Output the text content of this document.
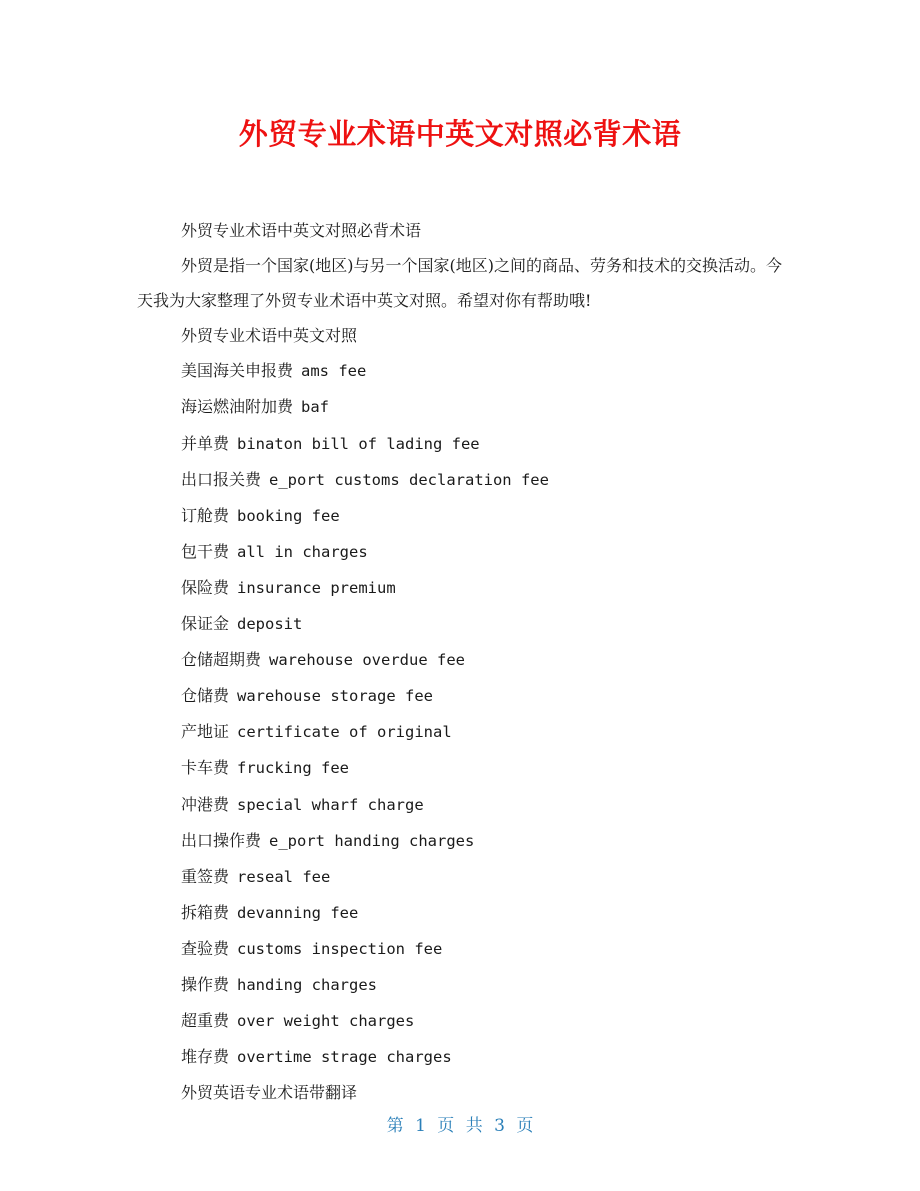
外贸专业术语中英文对照必背术语

外贸专业术语中英文对照必背术语

外贸是指一个国家(地区)与另一个国家(地区)之间的商品、劳务和技术的交换活动。今天我为大家整理了外贸专业术语中英文对照。希望对你有帮助哦!

外贸专业术语中英文对照

美国海关申报费 ams fee

海运燃油附加费 baf

并单费 binaton bill of lading fee

出口报关费 e_port customs declaration fee

订舱费 booking fee

包干费 all in charges

保险费 insurance premium

保证金 deposit

仓储超期费 warehouse overdue fee

仓储费 warehouse storage fee

产地证 certificate of original

卡车费 frucking fee

冲港费 special wharf charge

出口操作费 e_port handing charges

重签费 reseal fee

拆箱费 devanning fee

查验费 customs inspection fee

操作费 handing charges

超重费 over weight charges

堆存费 overtime strage charges

外贸英语专业术语带翻译

第 1 页 共 3 页
